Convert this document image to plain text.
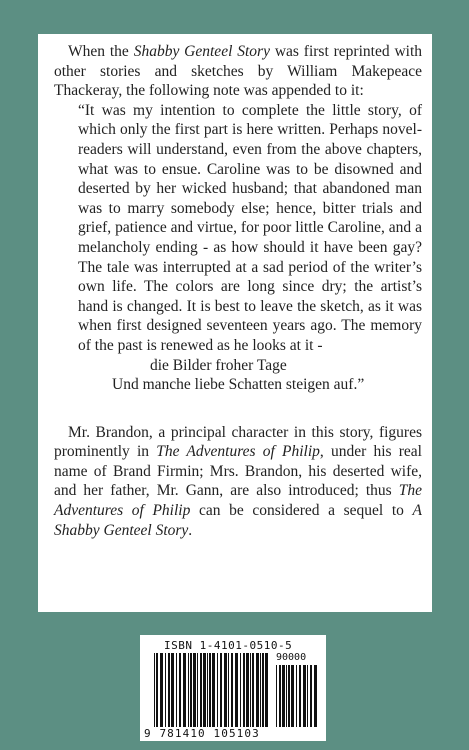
When the Shabby Genteel Story was first reprinted with other stories and sketches by William Makepeace Thackeray, the following note was appended to it:

“It was my intention to complete the little story, of which only the first part is here written. Perhaps novel-readers will understand, even from the above chapters, what was to ensue. Caroline was to be disowned and deserted by her wicked husband; that abandoned man was to marry somebody else; hence, bitter trials and grief, patience and virtue, for poor little Caroline, and a melancholy ending - as how should it have been gay? The tale was interrupted at a sad period of the writer’s own life. The colors are long since dry; the artist’s hand is changed. It is best to leave the sketch, as it was when first designed seventeen years ago. The memory of the past is renewed as he looks at it -

die Bilder froher Tage

Und manche liebe Schatten steigen auf.”

Mr. Brandon, a principal character in this story, figures prominently in The Adventures of Philip, under his real name of Brand Firmin; Mrs. Brandon, his deserted wife, and her father, Mr. Gann, are also introduced; thus The Adventures of Philip can be considered a sequel to A Shabby Genteel Story.

ISBN 1-4101-0510-5
90000
9 781410 105103
